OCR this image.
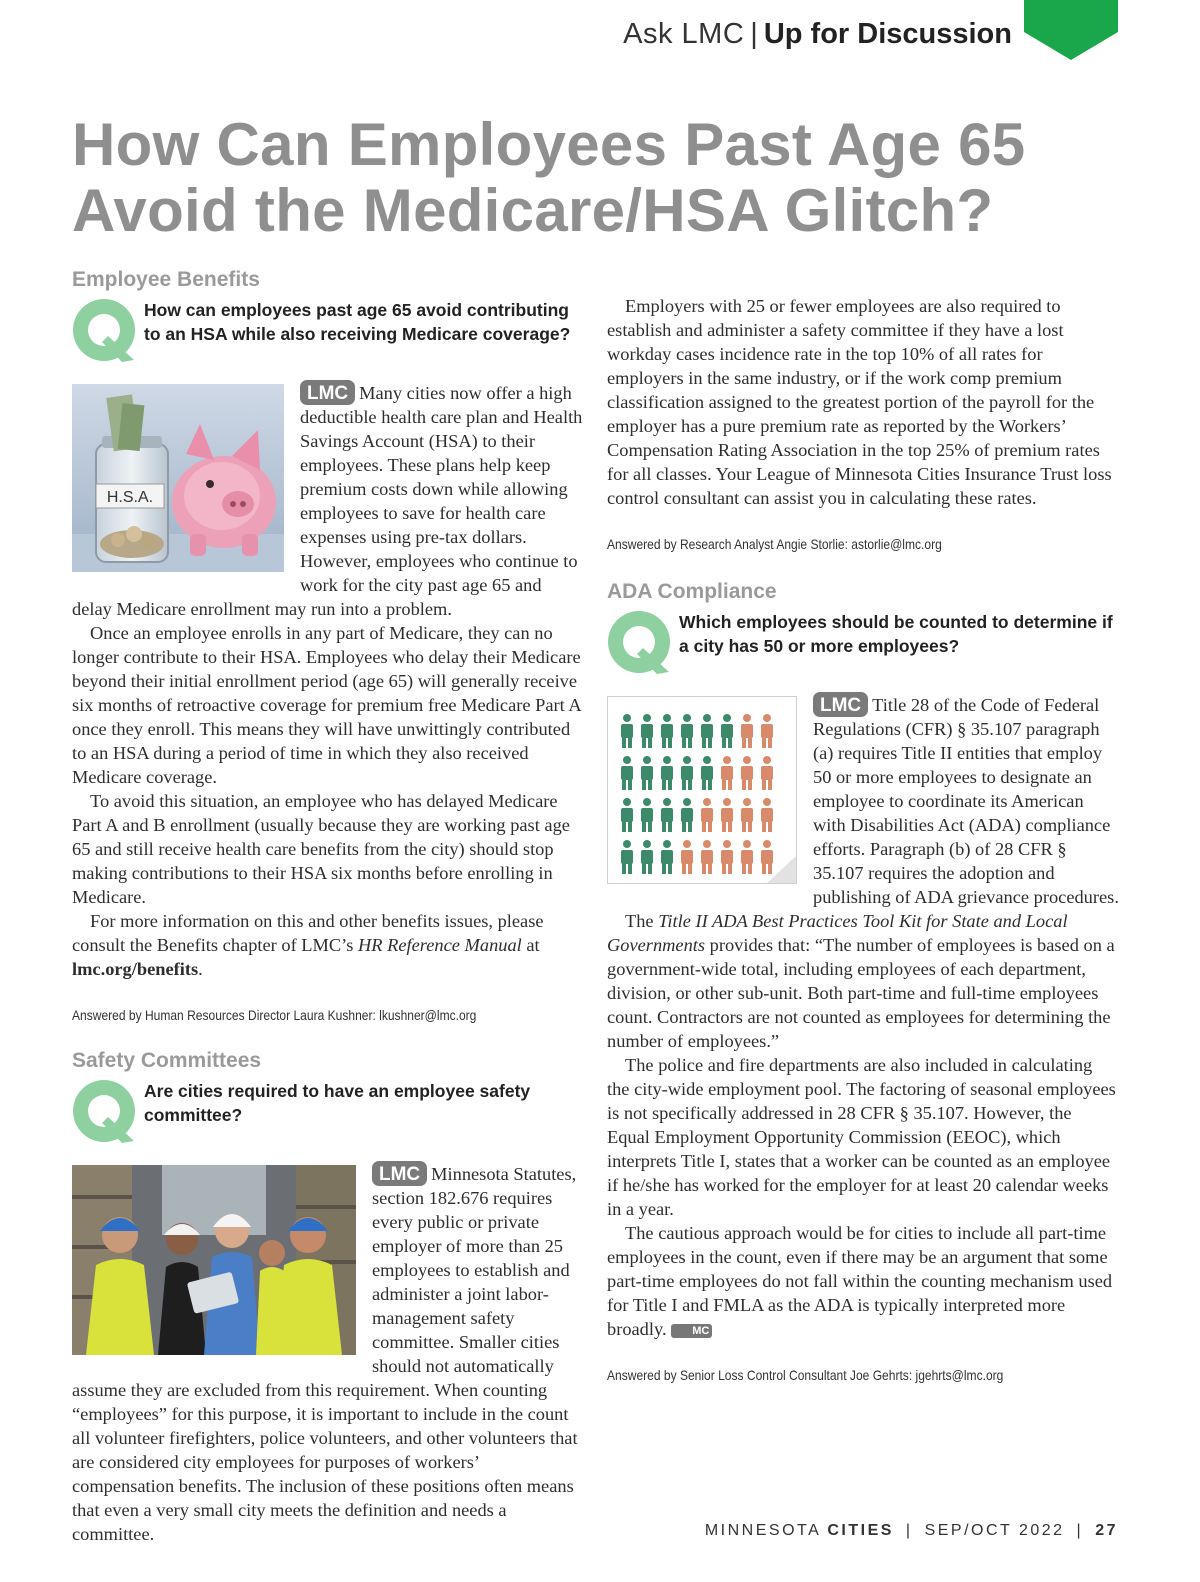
Ask LMC | Up for Discussion
How Can Employees Past Age 65 Avoid the Medicare/HSA Glitch?
Employee Benefits
How can employees past age 65 avoid contributing to an HSA while also receiving Medicare coverage?
H.S.A.

LMC Many cities now offer a high deductible health care plan and Health Savings Account (HSA) to their employees. These plans help keep premium costs down while allowing employees to save for health care expenses using pre-tax dollars. However, employees who continue to work for the city past age 65 and delay Medicare enrollment may run into a problem.

Once an employee enrolls in any part of Medicare, they can no longer contribute to their HSA. Employees who delay their Medicare beyond their initial enrollment period (age 65) will generally receive six months of retroactive coverage for premium free Medicare Part A once they enroll. This means they will have unwittingly contributed to an HSA during a period of time in which they also received Medicare coverage.

To avoid this situation, an employee who has delayed Medicare Part A and B enrollment (usually because they are working past age 65 and still receive health care benefits from the city) should stop making contributions to their HSA six months before enrolling in Medicare.

For more information on this and other benefits issues, please consult the Benefits chapter of LMC’s HR Reference Manual at lmc.org/benefits.

Answered by Human Resources Director Laura Kushner: lkushner@lmc.org
Safety Committees
Are cities required to have an employee safety committee?

LMC Minnesota Statutes, section 182.676 requires every public or private employer of more than 25 employees to establish and administer a joint labor-management safety committee. Smaller cities should not automatically assume they are excluded from this requirement. When counting “employees” for this purpose, it is important to include in the count all volunteer firefighters, police volunteers, and other volunteers that are considered city employees for purposes of workers’ compensation benefits. The inclusion of these positions often means that even a very small city meets the definition and needs a committee.

Employers with 25 or fewer employees are also required to establish and administer a safety committee if they have a lost workday cases incidence rate in the top 10% of all rates for employers in the same industry, or if the work comp premium classification assigned to the greatest portion of the payroll for the employer has a pure premium rate as reported by the Workers’ Compensation Rating Association in the top 25% of premium rates for all classes. Your League of Minnesota Cities Insurance Trust loss control consultant can assist you in calculating these rates.

Answered by Research Analyst Angie Storlie: astorlie@lmc.org
ADA Compliance
Which employees should be counted to determine if a city has 50 or more employees?

LMC Title 28 of the Code of Federal Regulations (CFR) § 35.107 paragraph (a) requires Title II entities that employ 50 or more employees to designate an employee to coordinate its American with Disabilities Act (ADA) compliance efforts. Paragraph (b) of 28 CFR § 35.107 requires the adoption and publishing of ADA grievance procedures.

The Title II ADA Best Practices Tool Kit for State and Local Governments provides that: “The number of employees is based on a government-wide total, including employees of each department, division, or other sub-unit. Both part-time and full-time employees count. Contractors are not counted as employees for determining the number of employees.”

The police and fire departments are also included in calculating the city-wide employment pool. The factoring of seasonal employees is not specifically addressed in 28 CFR § 35.107. However, the Equal Employment Opportunity Commission (EEOC), which interprets Title I, states that a worker can be counted as an employee if he/she has worked for the employer for at least 20 calendar weeks in a year.

The cautious approach would be for cities to include all part-time employees in the count, even if there may be an argument that some part-time employees do not fall within the counting mechanism used for Title I and FMLA as the ADA is typically interpreted more broadly. MC

Answered by Senior Loss Control Consultant Joe Gehrts: jgehrts@lmc.org
MINNESOTA CITIES | SEP/OCT 2022 | 27
